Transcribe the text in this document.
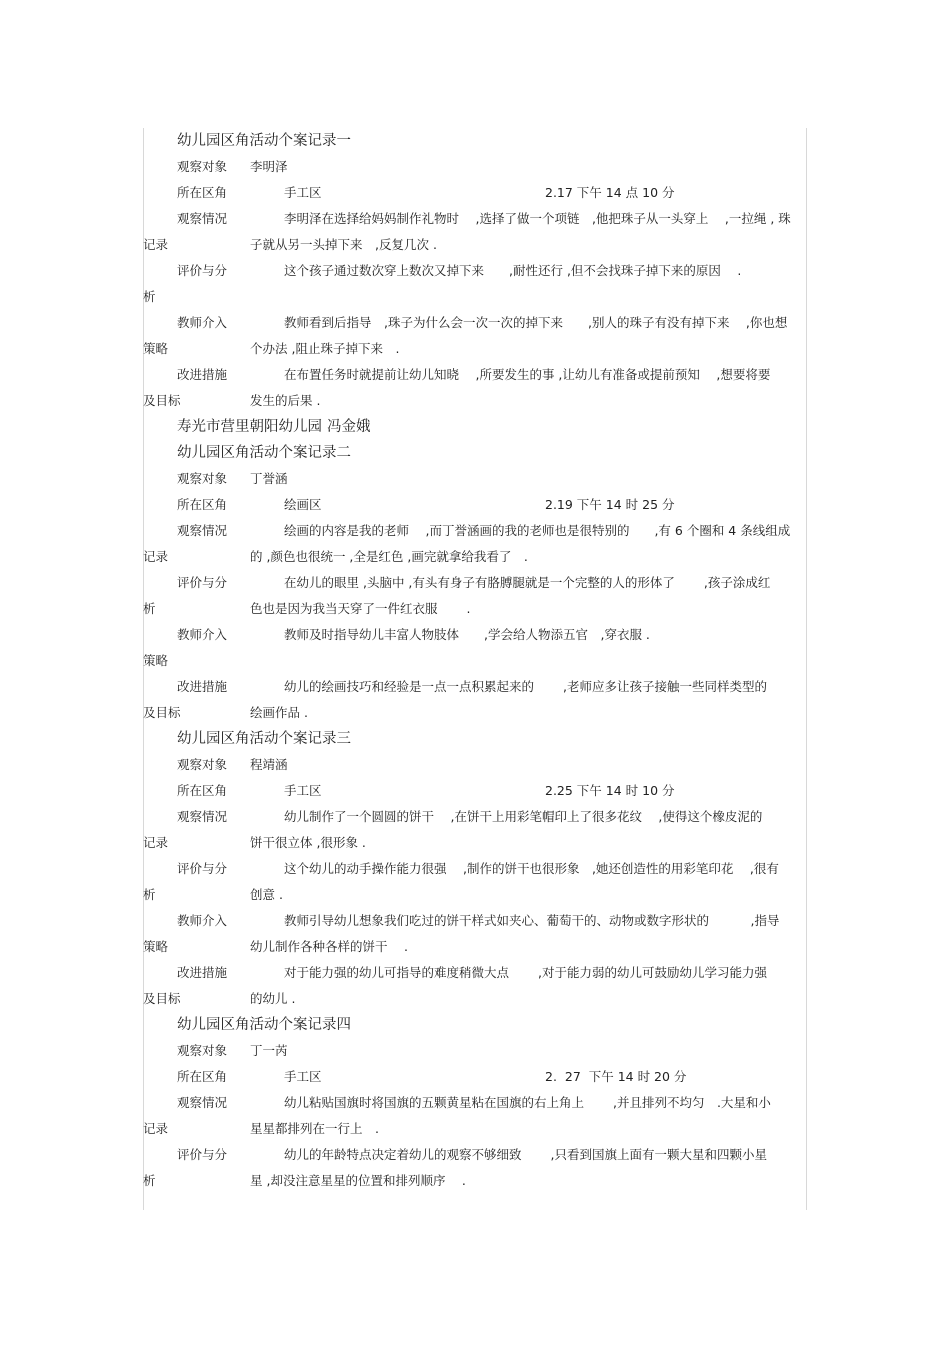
幼儿园区角活动个案记录一
观察对象	李明泽
所在区角	手工区	2.17 下午 14 点 10 分
观察情况	李明泽在选择给妈妈制作礼物时　 ,选择了做一个项链　,他把珠子从一头穿上　 ,一拉绳 , 珠
记录	子就从另一头掉下来　,反复几次 .
评价与分	这个孩子通过数次穿上数次又掉下来　　,耐性还行 ,但不会找珠子掉下来的原因　 .
析
教师介入	教师看到后指导　,珠子为什么会一次一次的掉下来　　,别人的珠子有没有掉下来　 ,你也想
策略	个办法 ,阻止珠子掉下来　.
改进措施	在布置任务时就提前让幼儿知晓　 ,所要发生的事 ,让幼儿有准备或提前预知　 ,想要将要
及目标	发生的后果 .
寿光市营里朝阳幼儿园 冯金娥
幼儿园区角活动个案记录二
观察对象	丁誉涵
所在区角	绘画区	2.19 下午 14 时 25 分
观察情况	绘画的内容是我的老师　 ,而丁誉涵画的我的老师也是很特别的　　,有 6 个圈和 4 条线组成
记录	的 ,颜色也很统一 ,全是红色 ,画完就拿给我看了　.
评价与分	在幼儿的眼里 ,头脑中 ,有头有身子有胳膊腿就是一个完整的人的形体了　　 ,孩子涂成红
析	色也是因为我当天穿了一件红衣服　　 .
教师介入	教师及时指导幼儿丰富人物肢体　　,学会给人物添五官　,穿衣服 .
策略
改进措施	幼儿的绘画技巧和经验是一点一点积累起来的　　 ,老师应多让孩子接触一些同样类型的
及目标	绘画作品 .
幼儿园区角活动个案记录三
观察对象	程靖涵
所在区角	手工区	2.25 下午 14 时 10 分
观察情况	幼儿制作了一个圆圆的饼干　 ,在饼干上用彩笔帽印上了很多花纹　 ,使得这个橡皮泥的
记录	饼干很立体 ,很形象 .
评价与分	这个幼儿的动手操作能力很强　 ,制作的饼干也很形象　,她还创造性的用彩笔印花　 ,很有
析	创意 .
教师介入	教师引导幼儿想象我们吃过的饼干样式如夹心、葡萄干的、动物或数字形状的　　　 ,指导
策略	幼儿制作各种各样的饼干　 .
改进措施	对于能力强的幼儿可指导的难度稍微大点　　 ,对于能力弱的幼儿可鼓励幼儿学习能力强
及目标	的幼儿 .
幼儿园区角活动个案记录四
观察对象	丁一芮
所在区角	手工区	2.  27  下午 14 时 20 分
观察情况	幼儿粘贴国旗时将国旗的五颗黄星粘在国旗的右上角上　　 ,并且排列不均匀　.大星和小
记录	星星都排列在一行上　.
评价与分	幼儿的年龄特点决定着幼儿的观察不够细致　　 ,只看到国旗上面有一颗大星和四颗小星
析	星 ,却没注意星星的位置和排列顺序　 .
